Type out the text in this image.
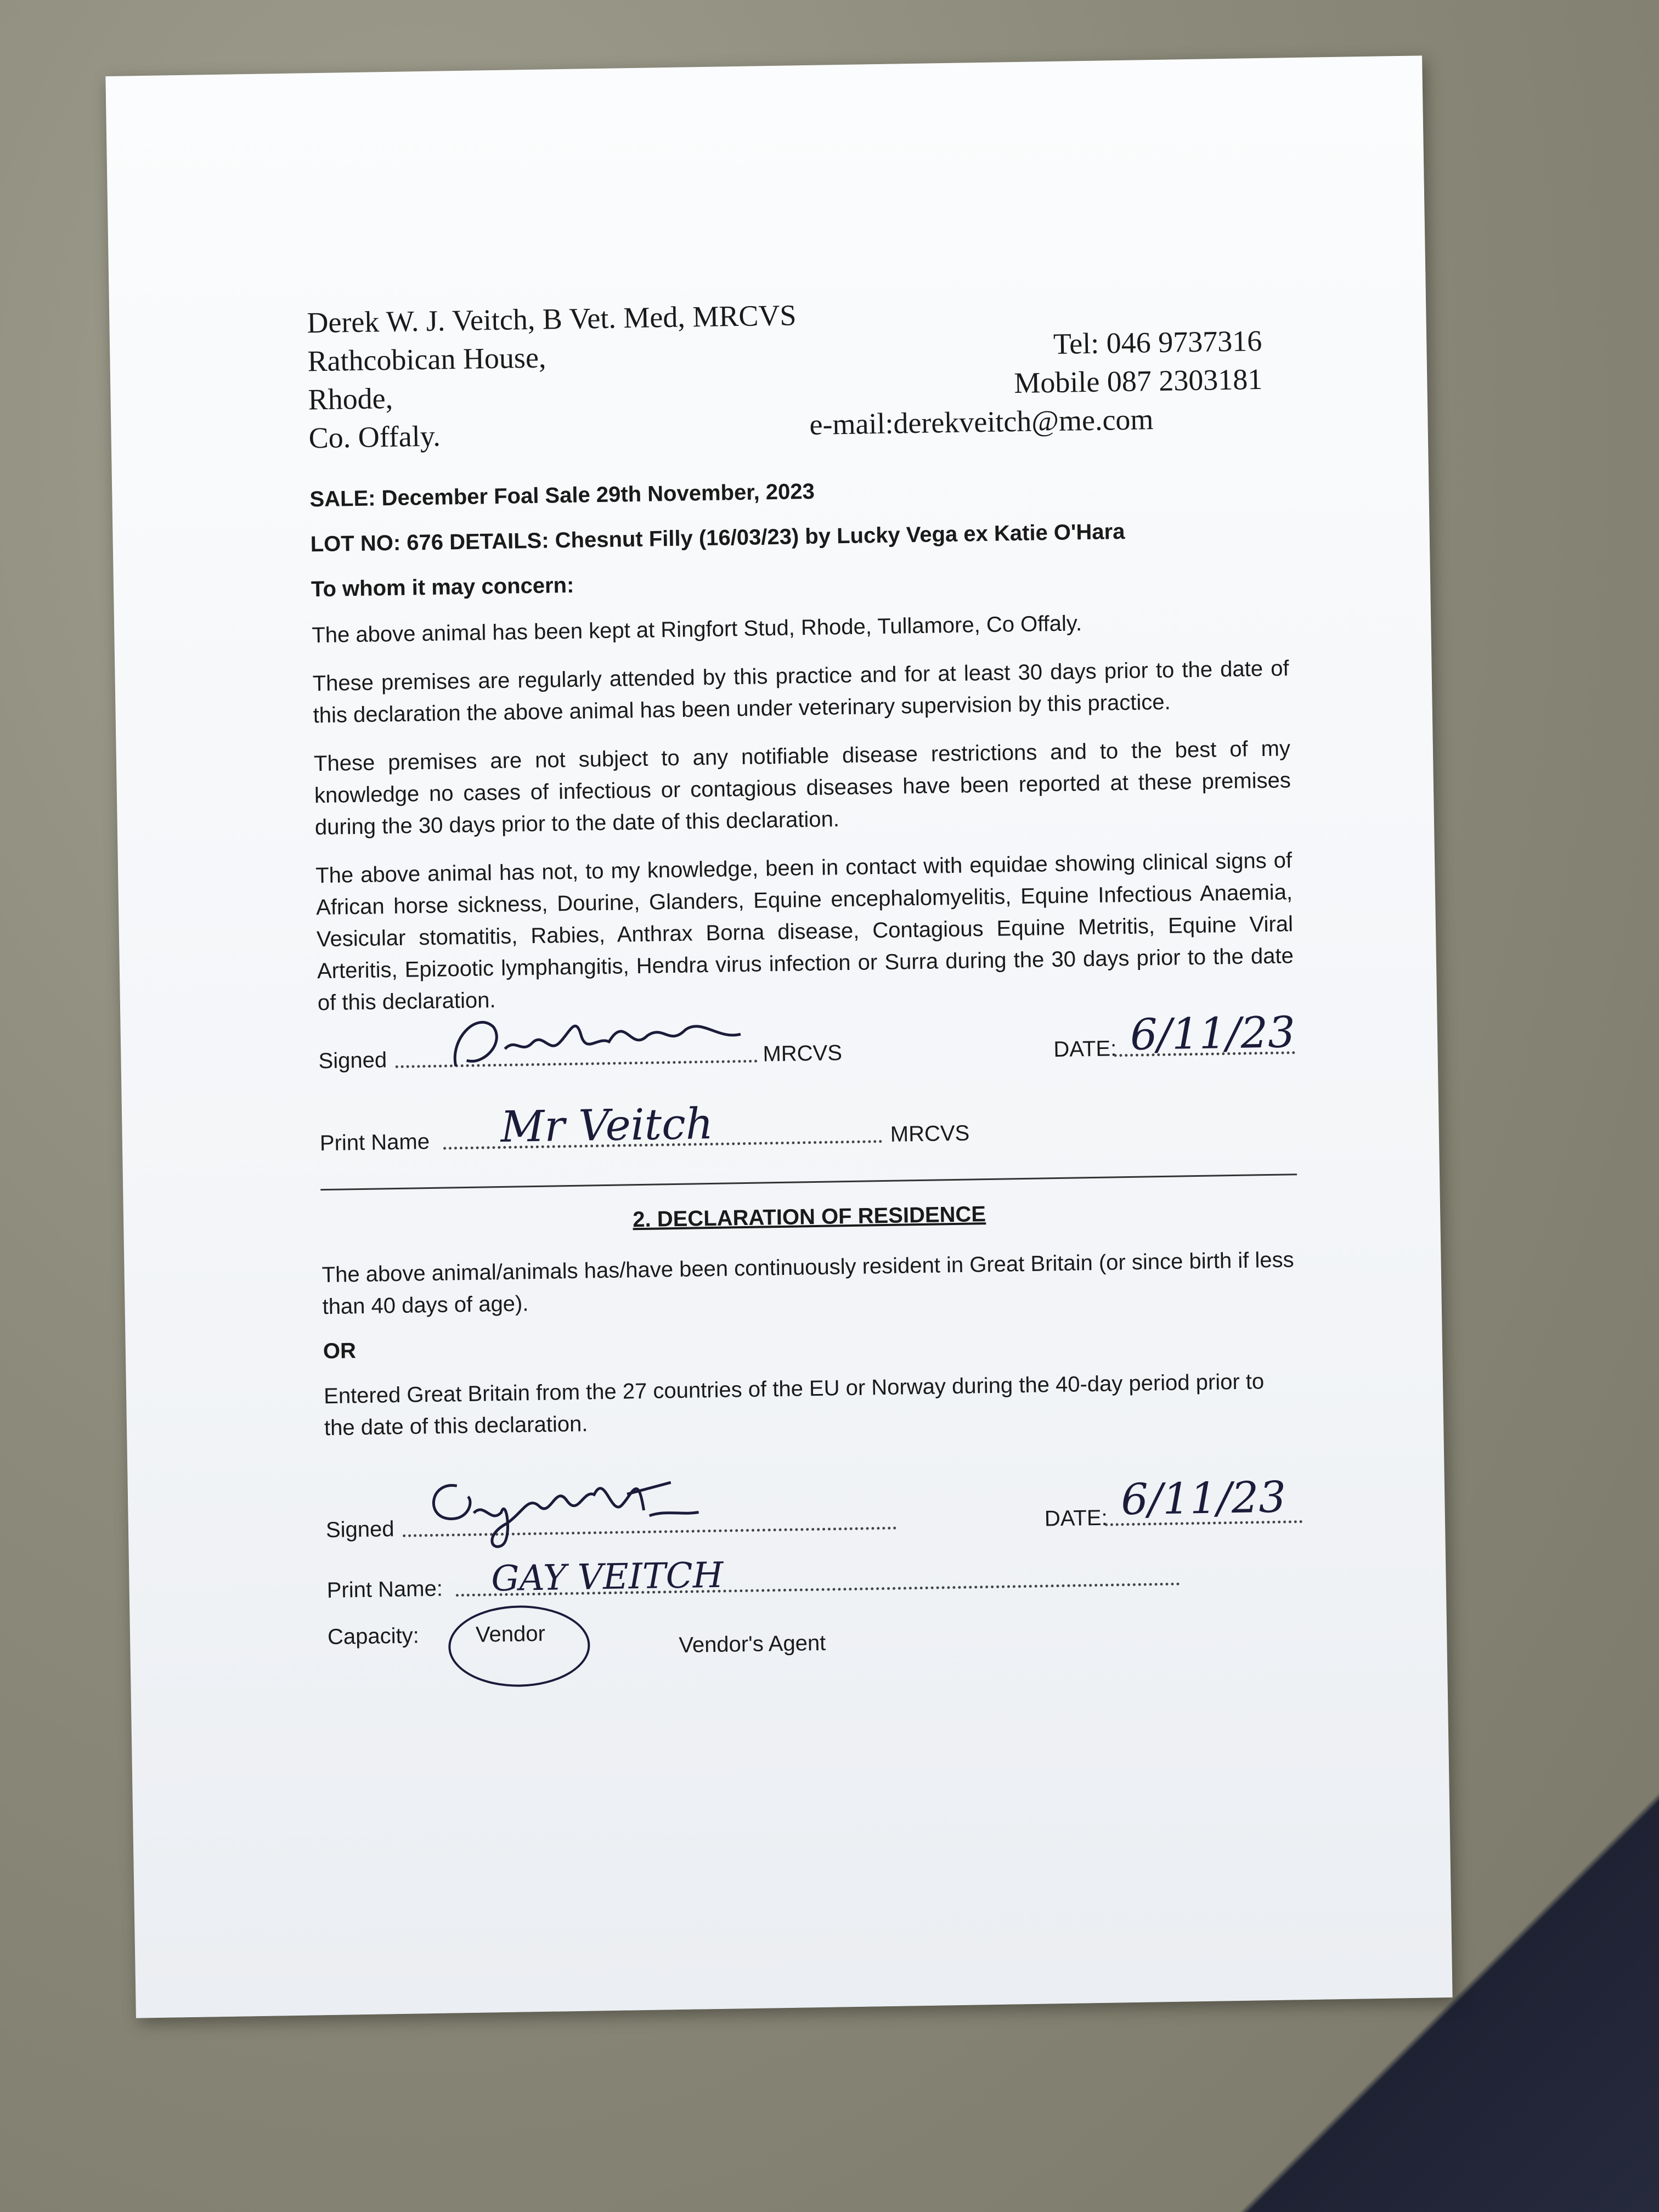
Derek W. J. Veitch, B Vet. Med, MRCVS
Rathcobican House,
Rhode,
Co. Offaly.
Tel: 046 9737316
Mobile 087 2303181
e-mail:derekveitch@me.com
SALE: December Foal Sale 29th November, 2023
LOT NO: 676 DETAILS: Chesnut Filly (16/03/23) by Lucky Vega ex Katie O'Hara
To whom it may concern:
The above animal has been kept at Ringfort Stud, Rhode, Tullamore, Co Offaly.
These premises are regularly attended by this practice and for at least 30 days prior to the date of this declaration the above animal has been under veterinary supervision by this practice.
These premises are not subject to any notifiable disease restrictions and to the best of my knowledge no cases of infectious or contagious diseases have been reported at these premises during the 30 days prior to the date of this declaration.
The above animal has not, to my knowledge, been in contact with equidae showing clinical signs of African horse sickness, Dourine, Glanders, Equine encephalomyelitis, Equine Infectious Anaemia, Vesicular stomatitis, Rabies, Anthrax Borna disease, Contagious Equine Metritis, Equine Viral Arteritis, Epizootic lymphangitis, Hendra virus infection or Surra during the 30 days prior to the date of this declaration.
Signed	MRCVS	DATE: 6/11/23
Print Name Mr Veitch	MRCVS
2. DECLARATION OF RESIDENCE
The above animal/animals has/have been continuously resident in Great Britain (or since birth if less than 40 days of age).
OR
Entered Great Britain from the 27 countries of the EU or Norway during the 40-day period prior to the date of this declaration.
Signed	DATE: 6/11/23
Print Name: GAY VEITCH
Capacity:	Vendor	Vendor's Agent
